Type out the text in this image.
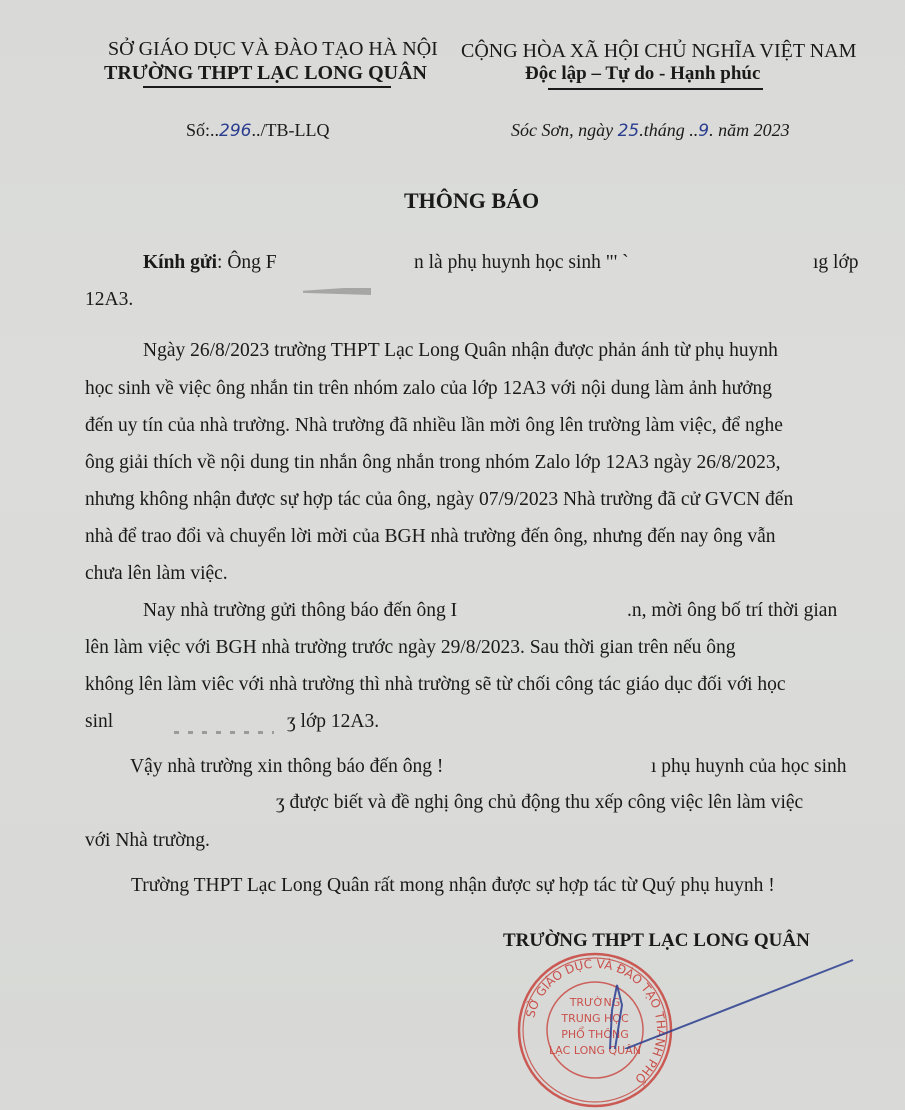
SỞ GIÁO DỤC VÀ ĐÀO TẠO HÀ NỘI
TRƯỜNG THPT LẠC LONG QUÂN
Số:..296../TB-LLQ
CỘNG HÒA XÃ HỘI CHỦ NGHĨA VIỆT NAM
Độc lập – Tự do - Hạnh phúc
Sóc Sơn, ngày 25.tháng ..9. năm 2023
THÔNG BÁO
Kính gửi: Ông F	n là phụ huynh học sinh "' `	ıg lớp
12A3.
Ngày 26/8/2023 trường THPT Lạc Long Quân nhận được phản ánh từ phụ huynh
học sinh về việc ông nhắn tin trên nhóm zalo của lớp 12A3 với nội dung làm ảnh hưởng
đến uy tín của nhà trường. Nhà trường đã nhiều lần mời ông lên trường làm việc, để nghe
ông giải thích về nội dung tin nhắn ông nhắn trong nhóm Zalo lớp 12A3 ngày 26/8/2023,
nhưng không nhận được sự hợp tác của ông, ngày 07/9/2023 Nhà trường đã cử GVCN đến
nhà để trao đổi và chuyển lời mời của BGH nhà trường đến ông, nhưng đến nay ông vẫn
chưa lên làm việc.
Nay nhà trường gửi thông báo đến ông I	.n, mời ông bố trí thời gian
lên làm việc với BGH nhà trường trước ngày 29/8/2023. Sau thời gian trên nếu ông
không lên làm viêc với nhà trường thì nhà trường sẽ từ chối công tác giáo dục đối với học
sinl	ʒ lớp 12A3.
Vậy nhà trường xin thông báo đến ông !	ı phụ huynh của học sinh
ʒ được biết và đề nghị ông chủ động thu xếp công việc lên làm việc
với Nhà trường.
Trường THPT Lạc Long Quân rất mong nhận được sự hợp tác từ Quý phụ huynh !
TRƯỜNG THPT LẠC LONG QUÂN
SỞ GIÁO DỤC VÀ ĐÀO TẠO THÀNH PHỐ
TRƯỜNG
TRUNG HỌC
PHỔ THÔNG
LẠC LONG QUÂN
